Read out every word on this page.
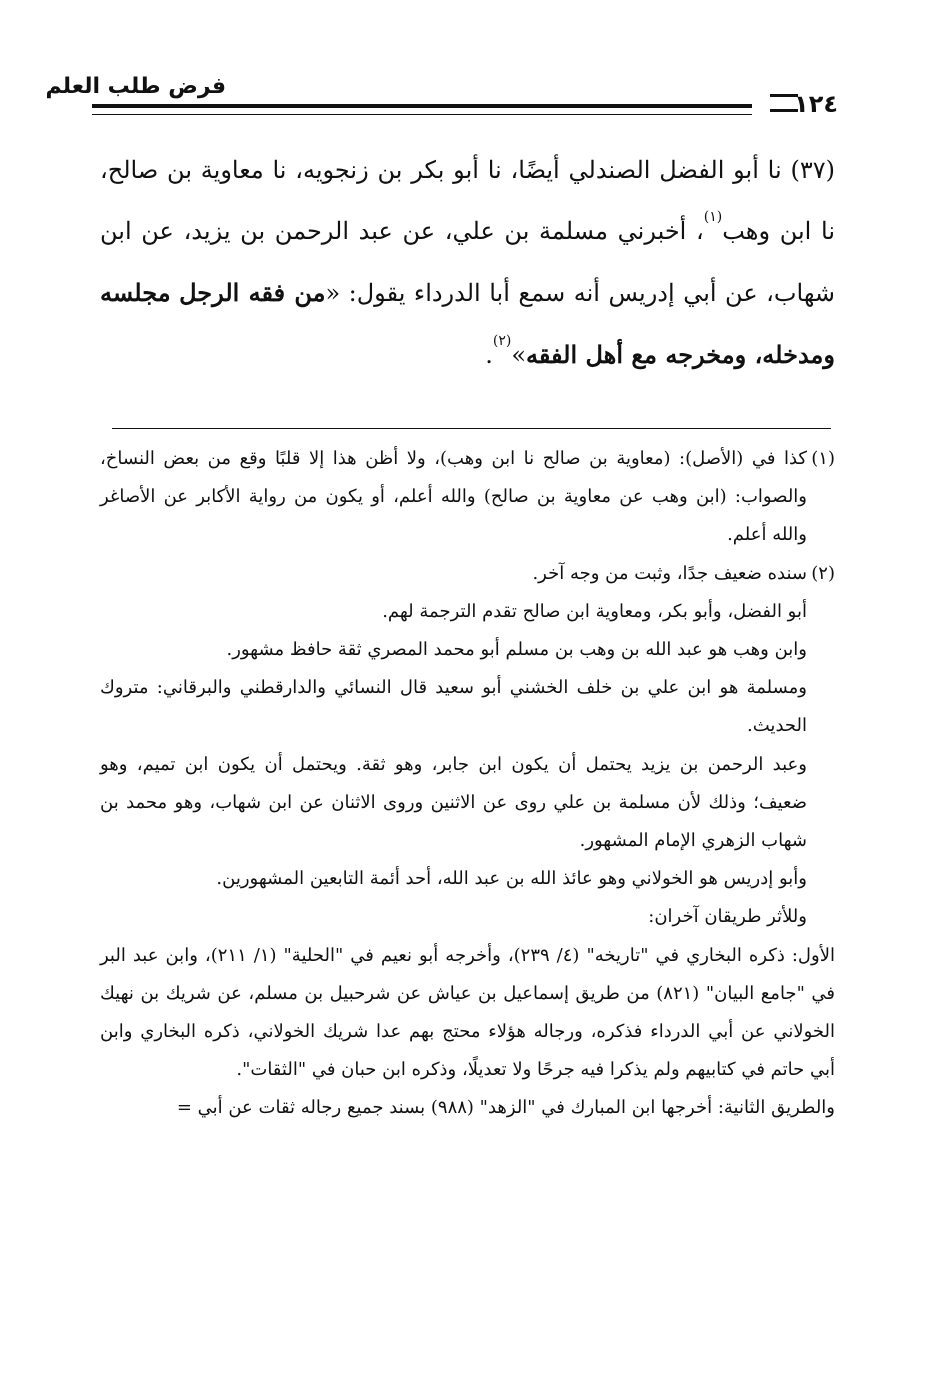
١٢٤
فرض طلب العلم

(٣٧) نا أبو الفضل الصندلي أيضًا، نا أبو بكر بن زنجويه، نا معاوية بن صالح، نا ابن وهب$^{(١)}$، أخبرني مسلمة بن علي، عن عبد الرحمن بن يزيد، عن ابن شهاب، عن أبي إدريس أنه سمع أبا الدرداء يقول: «من فقه الرجل مجلسه ومدخله، ومخرجه مع أهل الفقه»$^{(٢)}$.

(١)
كذا في (الأصل): (معاوية بن صالح نا ابن وهب)، ولا أظن هذا إلا قلبًا وقع من بعض النساخ، والصواب: (ابن وهب عن معاوية بن صالح) والله أعلم، أو يكون من رواية الأكابر عن الأصاغر والله أعلم.
(٢)
سنده ضعيف جدًا، وثبت من وجه آخر.

أبو الفضل، وأبو بكر، ومعاوية ابن صالح تقدم الترجمة لهم.

وابن وهب هو عبد الله بن وهب بن مسلم أبو محمد المصري ثقة حافظ مشهور.

ومسلمة هو ابن علي بن خلف الخشني أبو سعيد قال النسائي والدارقطني والبرقاني: متروك الحديث.

وعبد الرحمن بن يزيد يحتمل أن يكون ابن جابر، وهو ثقة. ويحتمل أن يكون ابن تميم، وهو ضعيف؛ وذلك لأن مسلمة بن علي روى عن الاثنين وروى الاثنان عن ابن شهاب، وهو محمد بن شهاب الزهري الإمام المشهور.

وأبو إدريس هو الخولاني وهو عائذ الله بن عبد الله، أحد أئمة التابعين المشهورين.

وللأثر طريقان آخران:

الأول: ذكره البخاري في "تاريخه" (٤/ ٢٣٩)، وأخرجه أبو نعيم في "الحلية" (١/ ٢١١)، وابن عبد البر في "جامع البيان" (٨٢١) من طريق إسماعيل بن عياش عن شرحبيل بن مسلم، عن شريك بن نهيك الخولاني عن أبي الدرداء فذكره، ورجاله هؤلاء محتج بهم عدا شريك الخولاني، ذكره البخاري وابن أبي حاتم في كتابيهم ولم يذكرا فيه جرحًا ولا تعديلًا، وذكره ابن حبان في "الثقات".

والطريق الثانية: أخرجها ابن المبارك في "الزهد" (٩٨٨) بسند جميع رجاله ثقات عن أبي =
